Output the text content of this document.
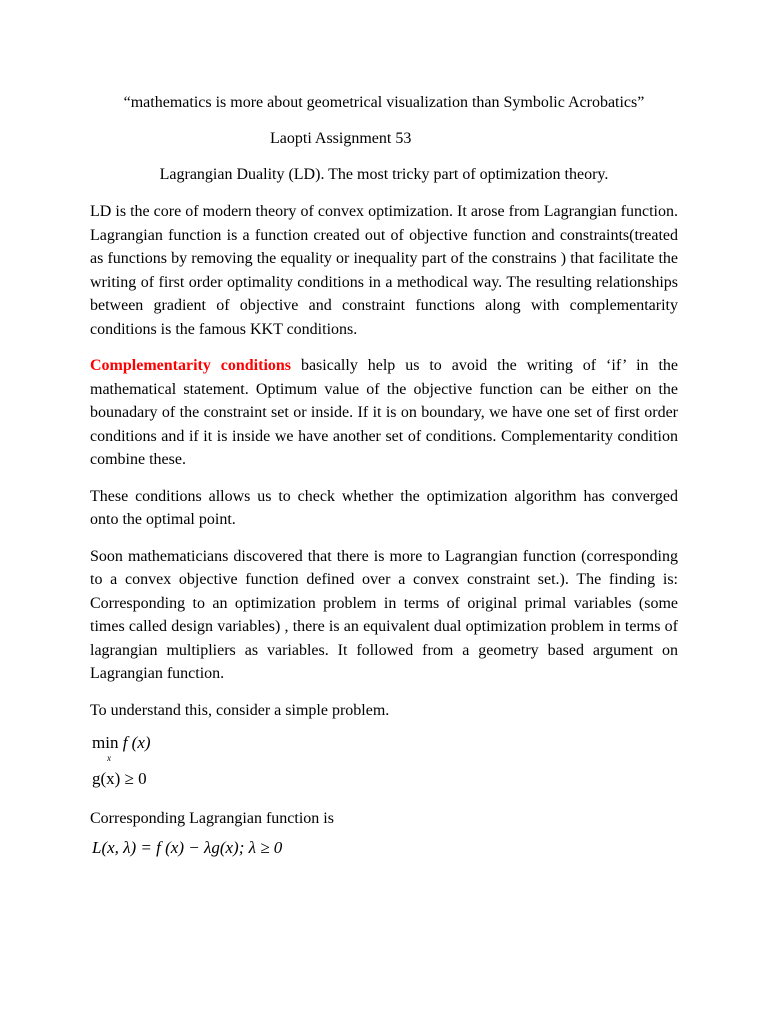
“mathematics is more about geometrical visualization than Symbolic Acrobatics”

Laopti Assignment 53
Lagrangian Duality (LD). The most tricky part of optimization theory.

LD is the core of modern theory of convex optimization. It arose from Lagrangian function. Lagrangian function is a function created out of objective function and constraints(treated as functions by removing the equality or inequality part of the constrains ) that facilitate the writing of first order optimality conditions in a methodical way. The resulting relationships between gradient of objective and constraint functions along with complementarity conditions is the famous KKT conditions.

Complementarity conditions basically help us to avoid the writing of ‘if’ in the mathematical statement. Optimum value of the objective function can be either on the bounadary of the constraint set or inside. If it is on boundary, we have one set of first order conditions and if it is inside we have another set of conditions. Complementarity condition combine these.

These conditions allows us to check whether the optimization algorithm has converged onto the optimal point.

Soon mathematicians discovered that there is more to Lagrangian function (corresponding to a convex objective function defined over a convex constraint set.). The finding is: Corresponding to an optimization problem in terms of original primal variables (some times called design variables) , there is an equivalent dual optimization problem in terms of lagrangian multipliers as variables. It followed from a geometry based argument on Lagrangian function.

To understand this, consider a simple problem.

min f (x)
x
g(x) ≥ 0
Corresponding Lagrangian function is
L(x, λ) = f (x) − λg(x); λ ≥ 0
